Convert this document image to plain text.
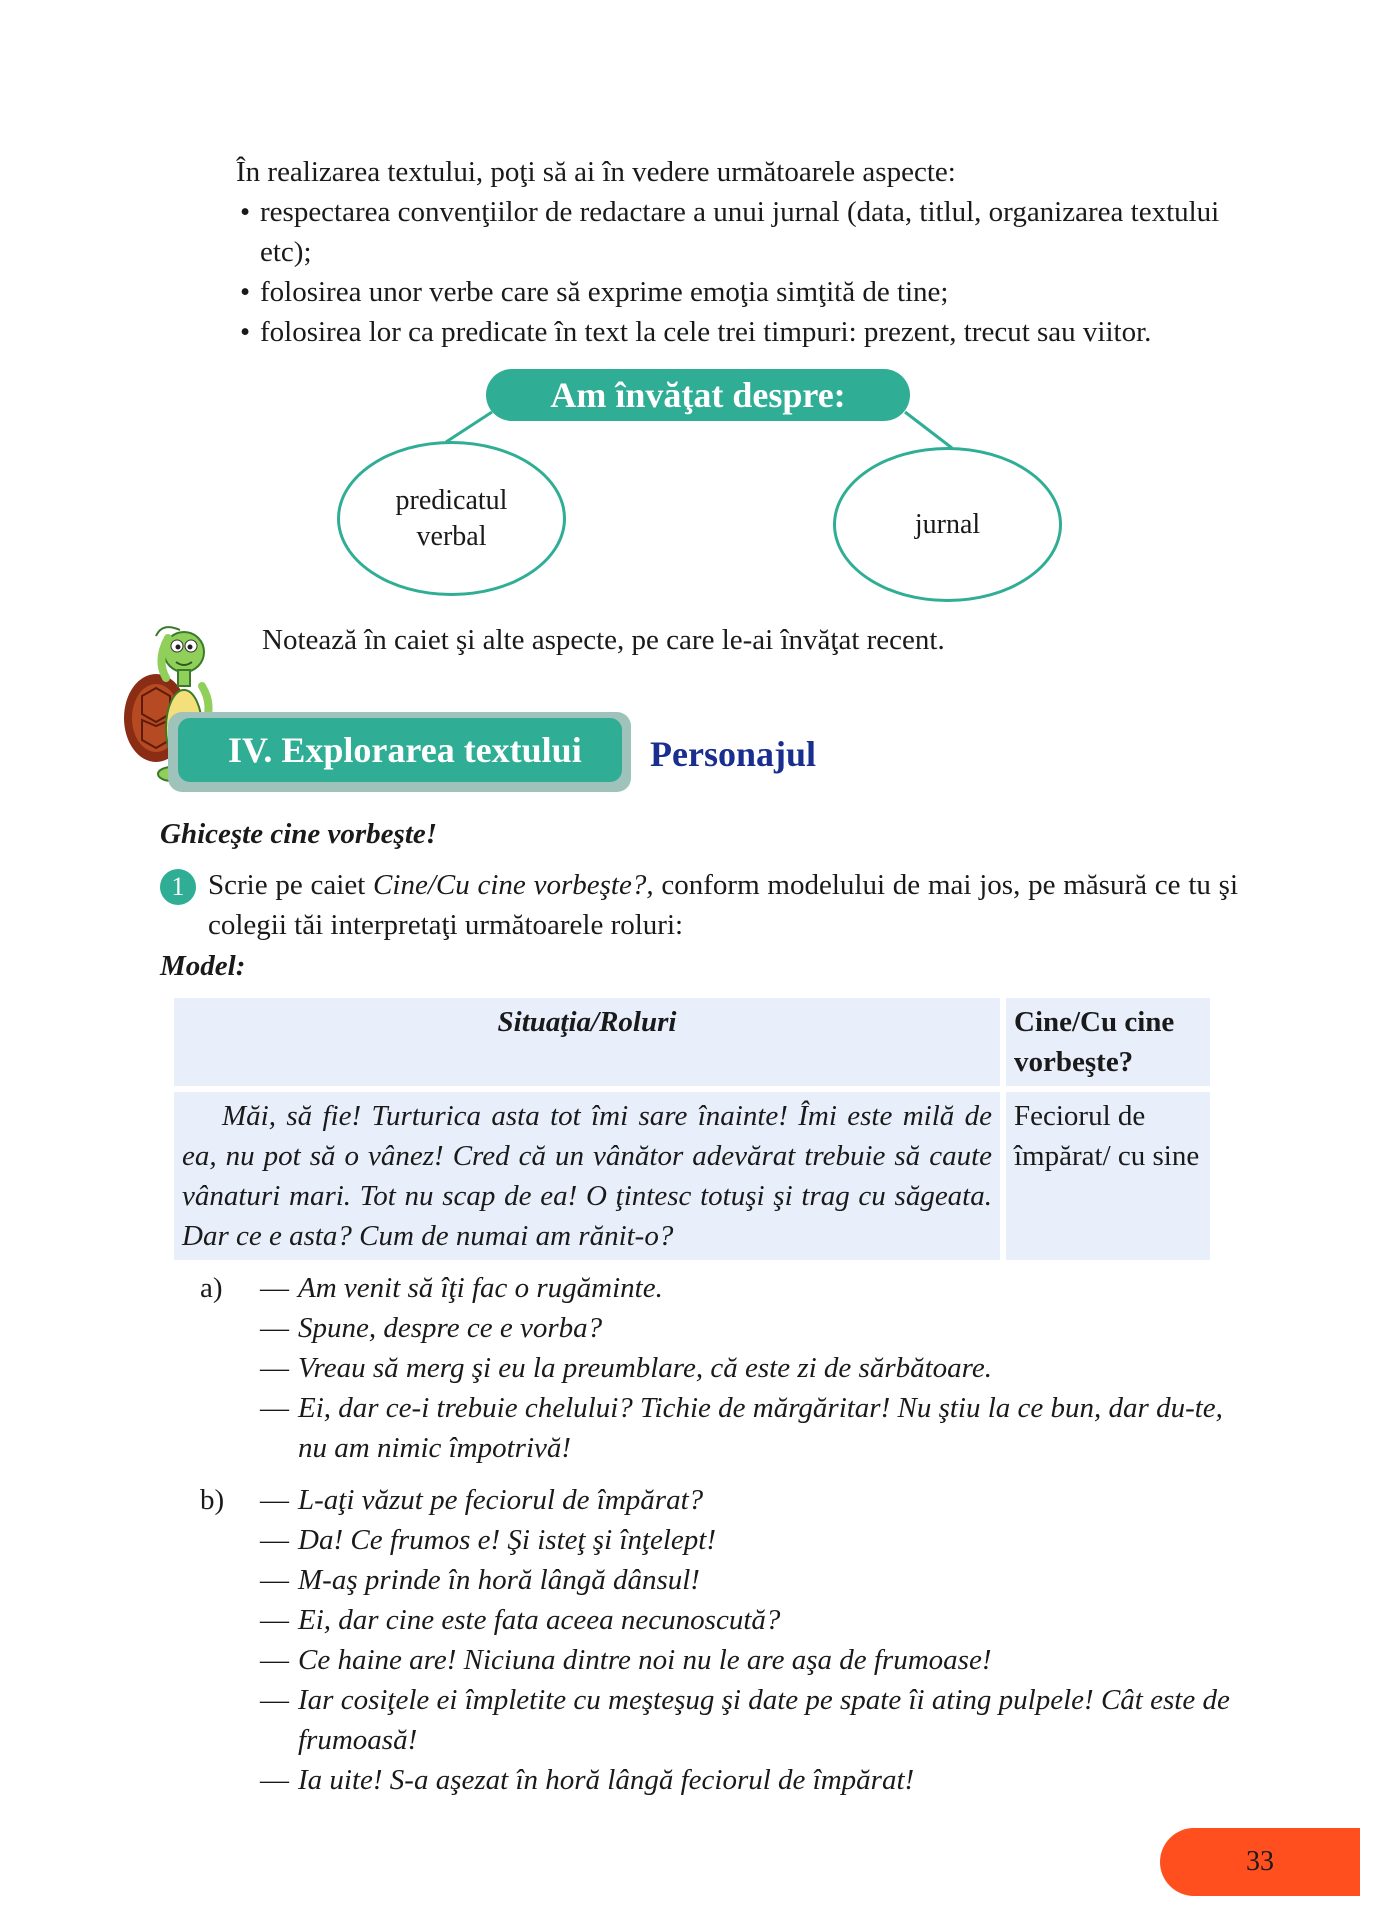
În realizarea textului, poţi să ai în vedere următoarele aspecte:

• respectarea convenţiilor de redactare a unui jurnal (data, titlul, organizarea textului etc);
• folosirea unor verbe care să exprime emoţia simţită de tine;
• folosirea lor ca predicate în text la cele trei timpuri: prezent, trecut sau viitor.
Am învăţat despre:
predicatul verbal	jurnal
Notează în caiet şi alte aspecte, pe care le-ai învăţat recent.
IV. Explorarea textului	Personajul
Ghiceşte cine vorbeşte!
1 Scrie pe caiet Cine/Cu cine vorbeşte?, conform modelului de mai jos, pe măsură ce tu şi colegii tăi interpretaţi următoarele roluri:
Model:
Situaţia/Roluri	Cine/Cu cine vorbeşte?
Măi, să fie! Turturica asta tot îmi sare înainte! Îmi este milă de ea, nu pot să o vânez! Cred că un vânător adevărat trebuie să caute vânaturi mari. Tot nu scap de ea! O ţintesc totuşi şi trag cu săgeata. Dar ce e asta? Cum de numai am rănit-o?	Feciorul de împărat/ cu sine
a)	— Am venit să îţi fac o rugăminte.
— Spune, despre ce e vorba?
— Vreau să merg şi eu la preumblare, că este zi de sărbătoare.
— Ei, dar ce-i trebuie chelului? Tichie de mărgăritar! Nu ştiu la ce bun, dar du-te, nu am nimic împotrivă!
b)	— L-aţi văzut pe feciorul de împărat?
— Da! Ce frumos e! Şi isteţ şi înţelept!
— M-aş prinde în horă lângă dânsul!
— Ei, dar cine este fata aceea necunoscută?
— Ce haine are! Niciuna dintre noi nu le are aşa de frumoase!
— Iar cosiţele ei împletite cu meşteşug şi date pe spate îi ating pulpele! Cât este de frumoasă!
— Ia uite! S-a aşezat în horă lângă feciorul de împărat!
33
